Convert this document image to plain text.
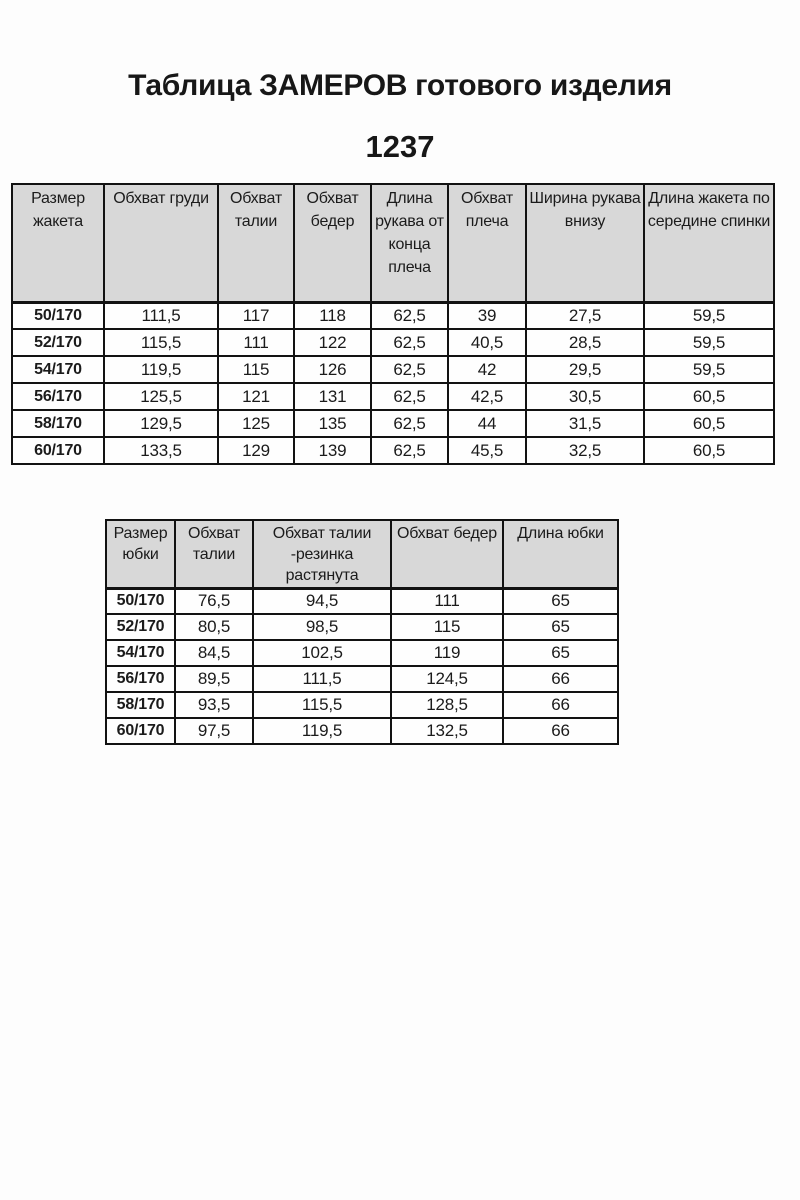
Таблица ЗАМЕРОВ готового изделия
1237
Размер жакета	Обхват груди	Обхват талии	Обхват бедер	Длина рукава от конца плеча	Обхват плеча	Ширина рукава внизу	Длина жакета по середине спинки
50/170	111,5	117	118	62,5	39	27,5	59,5
52/170	115,5	111	122	62,5	40,5	28,5	59,5
54/170	119,5	115	126	62,5	42	29,5	59,5
56/170	125,5	121	131	62,5	42,5	30,5	60,5
58/170	129,5	125	135	62,5	44	31,5	60,5
60/170	133,5	129	139	62,5	45,5	32,5	60,5
Размер юбки	Обхват талии	Обхват талии -резинка растянута	Обхват бедер	Длина юбки
50/170	76,5	94,5	111	65
52/170	80,5	98,5	115	65
54/170	84,5	102,5	119	65
56/170	89,5	111,5	124,5	66
58/170	93,5	115,5	128,5	66
60/170	97,5	119,5	132,5	66
